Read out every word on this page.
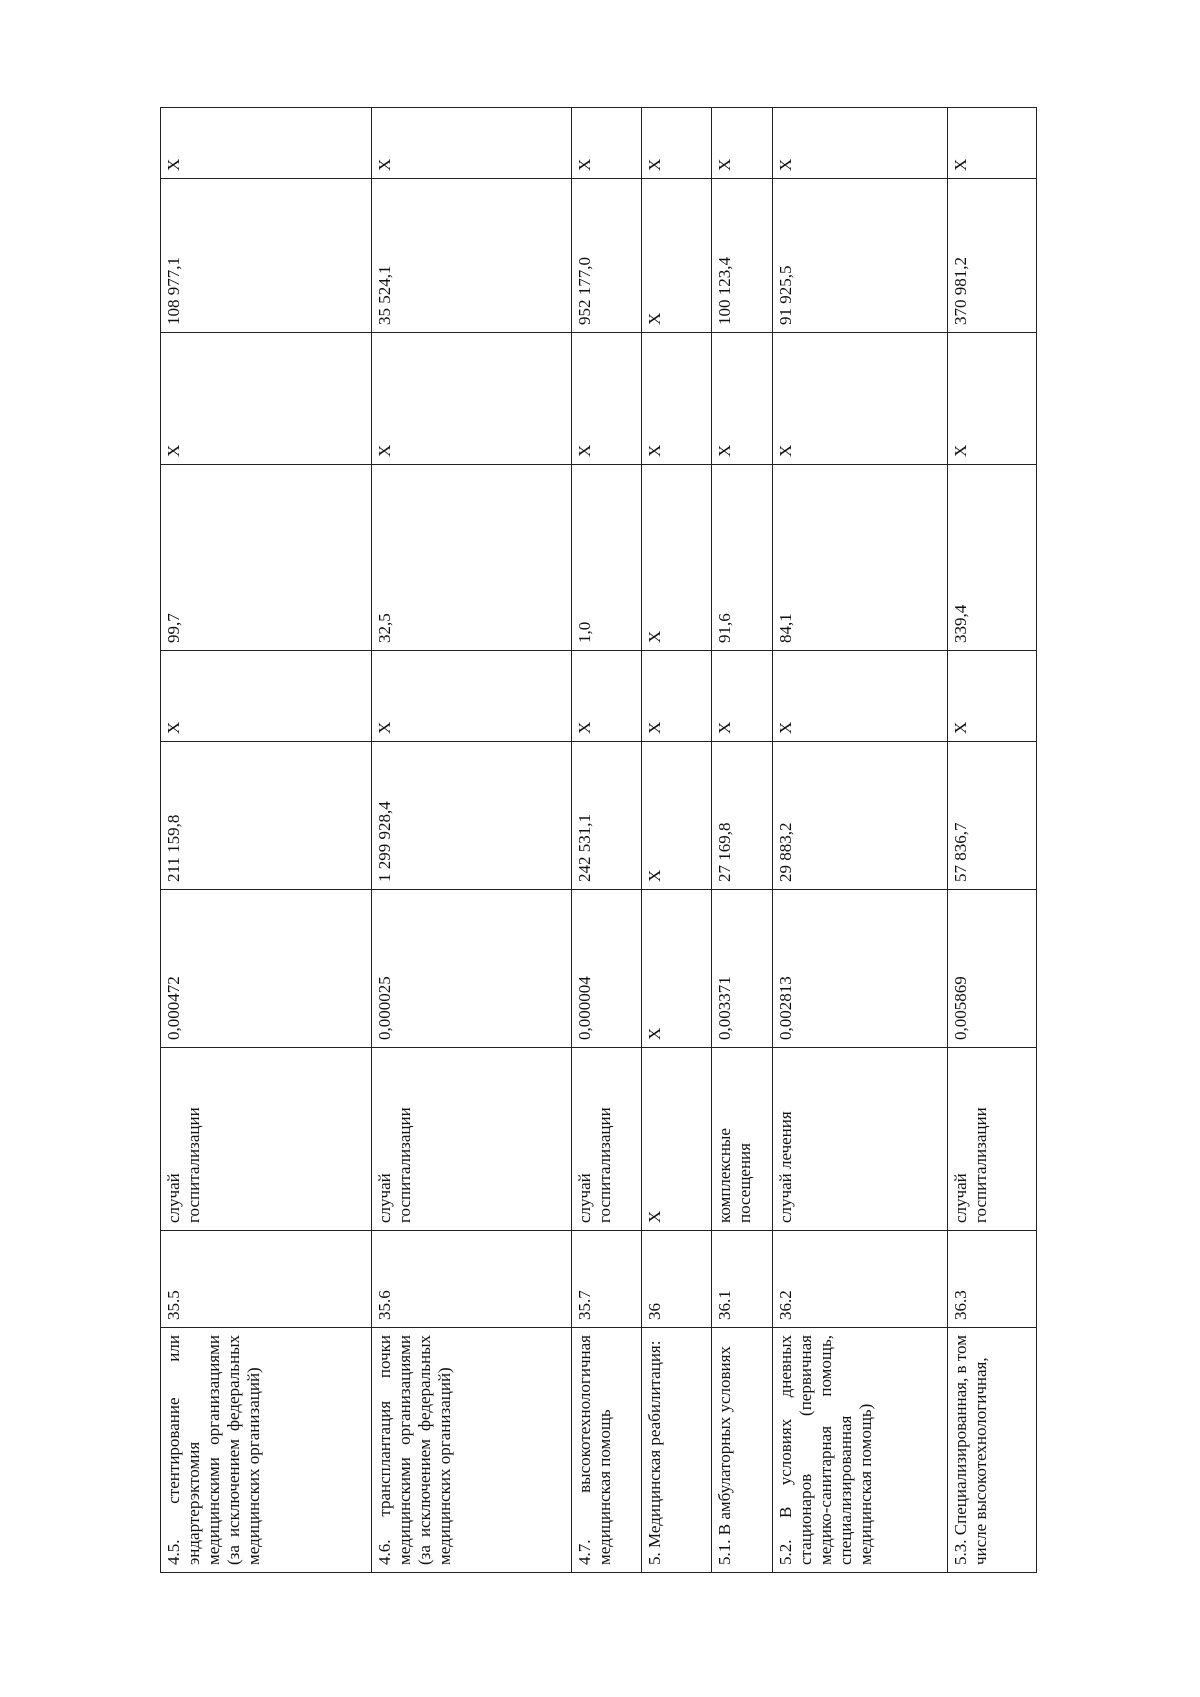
4.5. стентирование или эндартерэктомия медицинскими организациями (за исключением федеральных медицинских организаций)	35.5	случай госпитализации	0,000472	211 159,8	X	99,7	X	108 977,1	X
4.6. трансплантация почки медицинскими организациями (за исключением федеральных медицинских организаций)	35.6	случай госпитализации	0,000025	1 299 928,4	X	32,5	X	35 524,1	X
4.7. высокотехнологичная медицинская помощь	35.7	случай госпитализации	0,000004	242 531,1	X	1,0	X	952 177,0	X
5. Медицинская реабилитация:	36	X	X	X	X	X	X	X	X
5.1. В амбулаторных условиях	36.1	комплексные посещения	0,003371	27 169,8	X	91,6	X	100 123,4	X
5.2. В условиях дневных стационаров (первичная медико-санитарная помощь, специализированная медицинская помощь)	36.2	случай лечения	0,002813	29 883,2	X	84,1	X	91 925,5	X
5.3. Специализированная, в том числе высокотехнологичная,	36.3	случай госпитализации	0,005869	57 836,7	X	339,4	X	370 981,2	X
